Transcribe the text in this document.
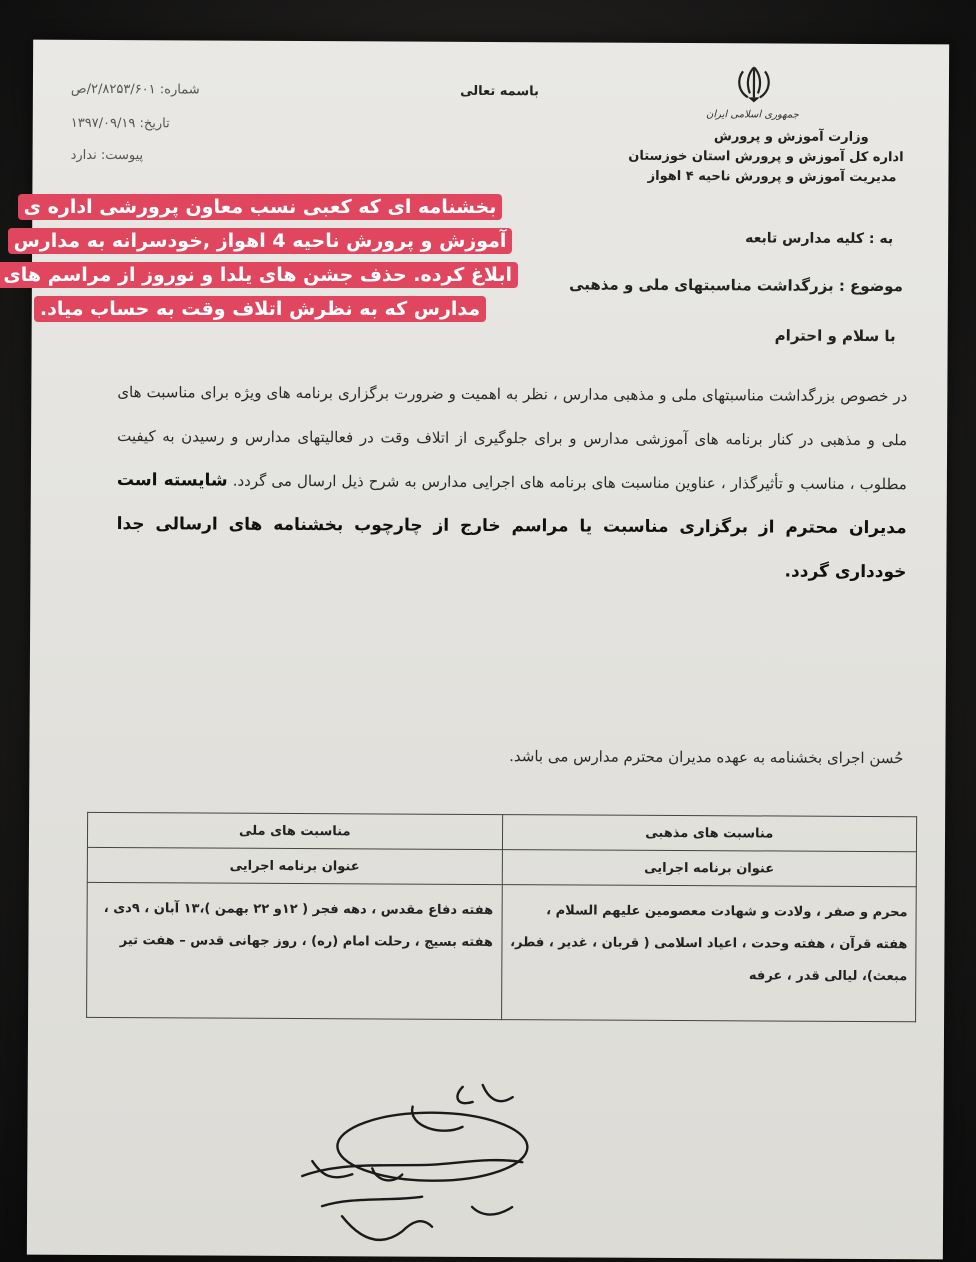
جمهوری اسلامی ایران
وزارت آموزش و پرورش
اداره کل آموزش و پرورش استان خوزستان
مدیریت آموزش و پرورش ناحیه ۴ اهواز
باسمه تعالی
شماره: ۲/۸۲۵۳/۶۰۱/ص
تاریخ: ۱۳۹۷/۰۹/۱۹
پیوست: ندارد
به : کلیه مدارس تابعه
موضوع : بزرگداشت مناسبتهای ملی و مذهبی
با سلام و احترام
در خصوص بزرگداشت مناسبتهای ملی و مذهبی مدارس ، نظر به اهمیت و ضرورت برگزاری برنامه های ویژه برای مناسبت های ملی و مذهبی در کنار برنامه های آموزشی مدارس و برای جلوگیری از اتلاف وقت در فعالیتهای مدارس و رسیدن به کیفیت مطلوب ، مناسب و تأثیرگذار ، عناوین مناسبت های برنامه های اجرایی مدارس به شرح ذیل ارسال می گردد. شایسته است مدیران محترم از برگزاری مناسبت یا مراسم خارج از چارچوب بخشنامه های ارسالی جدا خودداری گردد.
حُسن اجرای بخشنامه به عهده مدیران محترم مدارس می باشد.
مناسبت های مذهبی	مناسبت های ملی
عنوان برنامه اجرایی	عنوان برنامه اجرایی
محرم و صفر ، ولادت و شهادت معصومین علیهم السلام ، هفته قرآن ، هفته وحدت ، اعیاد اسلامی ( قربان ، غدیر ، فطر، مبعث)، لیالی قدر ، عرفه	هفته دفاع مقدس ، دهه فجر ( ۱۲و ۲۲ بهمن )،۱۳ آبان ، ۹دی ، هفته بسیج ، رحلت امام (ره) ، روز جهانی قدس – هفت تیر
بخشنامه ای که کعبی نسب معاون پرورشی اداره ی آموزش و پرورش ناحیه 4 اهواز ,خودسرانه به مدارس ابلاغ کرده. حذف جشن های یلدا و نوروز از مراسم های مدارس که به نظرش اتلاف وقت به حساب میاد.
